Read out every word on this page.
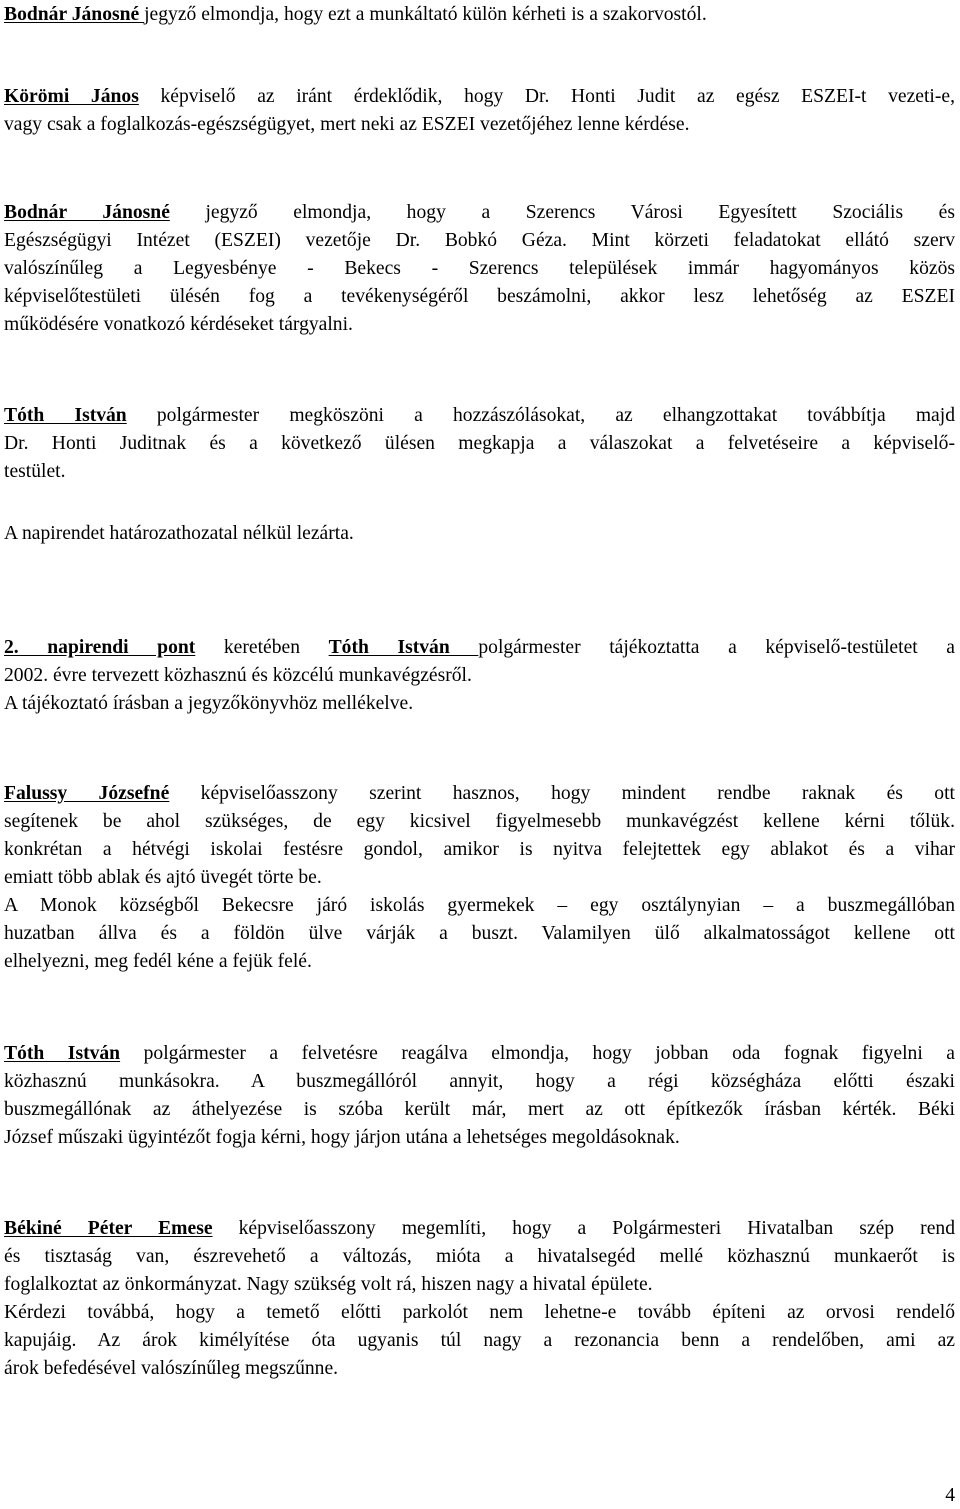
Bodnár Jánosné jegyző elmondja, hogy ezt a munkáltató külön kérheti is a szakorvostól.
Körömi János képviselő az iránt érdeklődik, hogy Dr. Honti Judit az egész ESZEI-t vezeti-e,
vagy csak a foglalkozás-egészségügyet, mert neki az ESZEI vezetőjéhez lenne kérdése.
Bodnár Jánosné jegyző elmondja, hogy a Szerencs Városi Egyesített Szociális és
Egészségügyi Intézet (ESZEI) vezetője Dr. Bobkó Géza. Mint körzeti feladatokat ellátó szerv
valószínűleg a Legyesbénye - Bekecs - Szerencs települések immár hagyományos közös
képviselőtestületi ülésén fog a tevékenységéről beszámolni, akkor lesz lehetőség az ESZEI
működésére vonatkozó kérdéseket tárgyalni.
Tóth István polgármester megköszöni a hozzászólásokat, az elhangzottakat továbbítja majd
Dr. Honti Juditnak és a következő ülésen megkapja a válaszokat a felvetéseire a képviselő-
testület.
A napirendet határozathozatal nélkül lezárta.
2. napirendi pont keretében Tóth István polgármester tájékoztatta a képviselő-testületet a
2002. évre tervezett közhasznú és közcélú munkavégzésről.
A tájékoztató írásban a jegyzőkönyvhöz mellékelve.
Falussy Józsefné képviselőasszony szerint hasznos, hogy mindent rendbe raknak és ott
segítenek be ahol szükséges, de egy kicsivel figyelmesebb munkavégzést kellene kérni tőlük.
konkrétan a hétvégi iskolai festésre gondol, amikor is nyitva felejtettek egy ablakot és a vihar
emiatt több ablak és ajtó üvegét törte be.
A Monok községből Bekecsre járó iskolás gyermekek – egy osztálynyian – a buszmegállóban
huzatban állva és a földön ülve várják a buszt. Valamilyen ülő alkalmatosságot kellene ott
elhelyezni, meg fedél kéne a fejük felé.
Tóth István polgármester a felvetésre reagálva elmondja, hogy jobban oda fognak figyelni a
közhasznú munkásokra. A buszmegállóról annyit, hogy a régi községháza előtti északi
buszmegállónak az áthelyezése is szóba került már, mert az ott építkezők írásban kérték. Béki
József műszaki ügyintézőt fogja kérni, hogy járjon utána a lehetséges megoldásoknak.
Békiné Péter Emese képviselőasszony megemlíti, hogy a Polgármesteri Hivatalban szép rend
és tisztaság van, észrevehető a változás, mióta a hivatalsegéd mellé közhasznú munkaerőt is
foglalkoztat az önkormányzat. Nagy szükség volt rá, hiszen nagy a hivatal épülete.
Kérdezi továbbá, hogy a temető előtti parkolót nem lehetne-e tovább építeni az orvosi rendelő
kapujáig. Az árok kimélyítése óta ugyanis túl nagy a rezonancia benn a rendelőben, ami az
árok befedésével valószínűleg megszűnne.
4
